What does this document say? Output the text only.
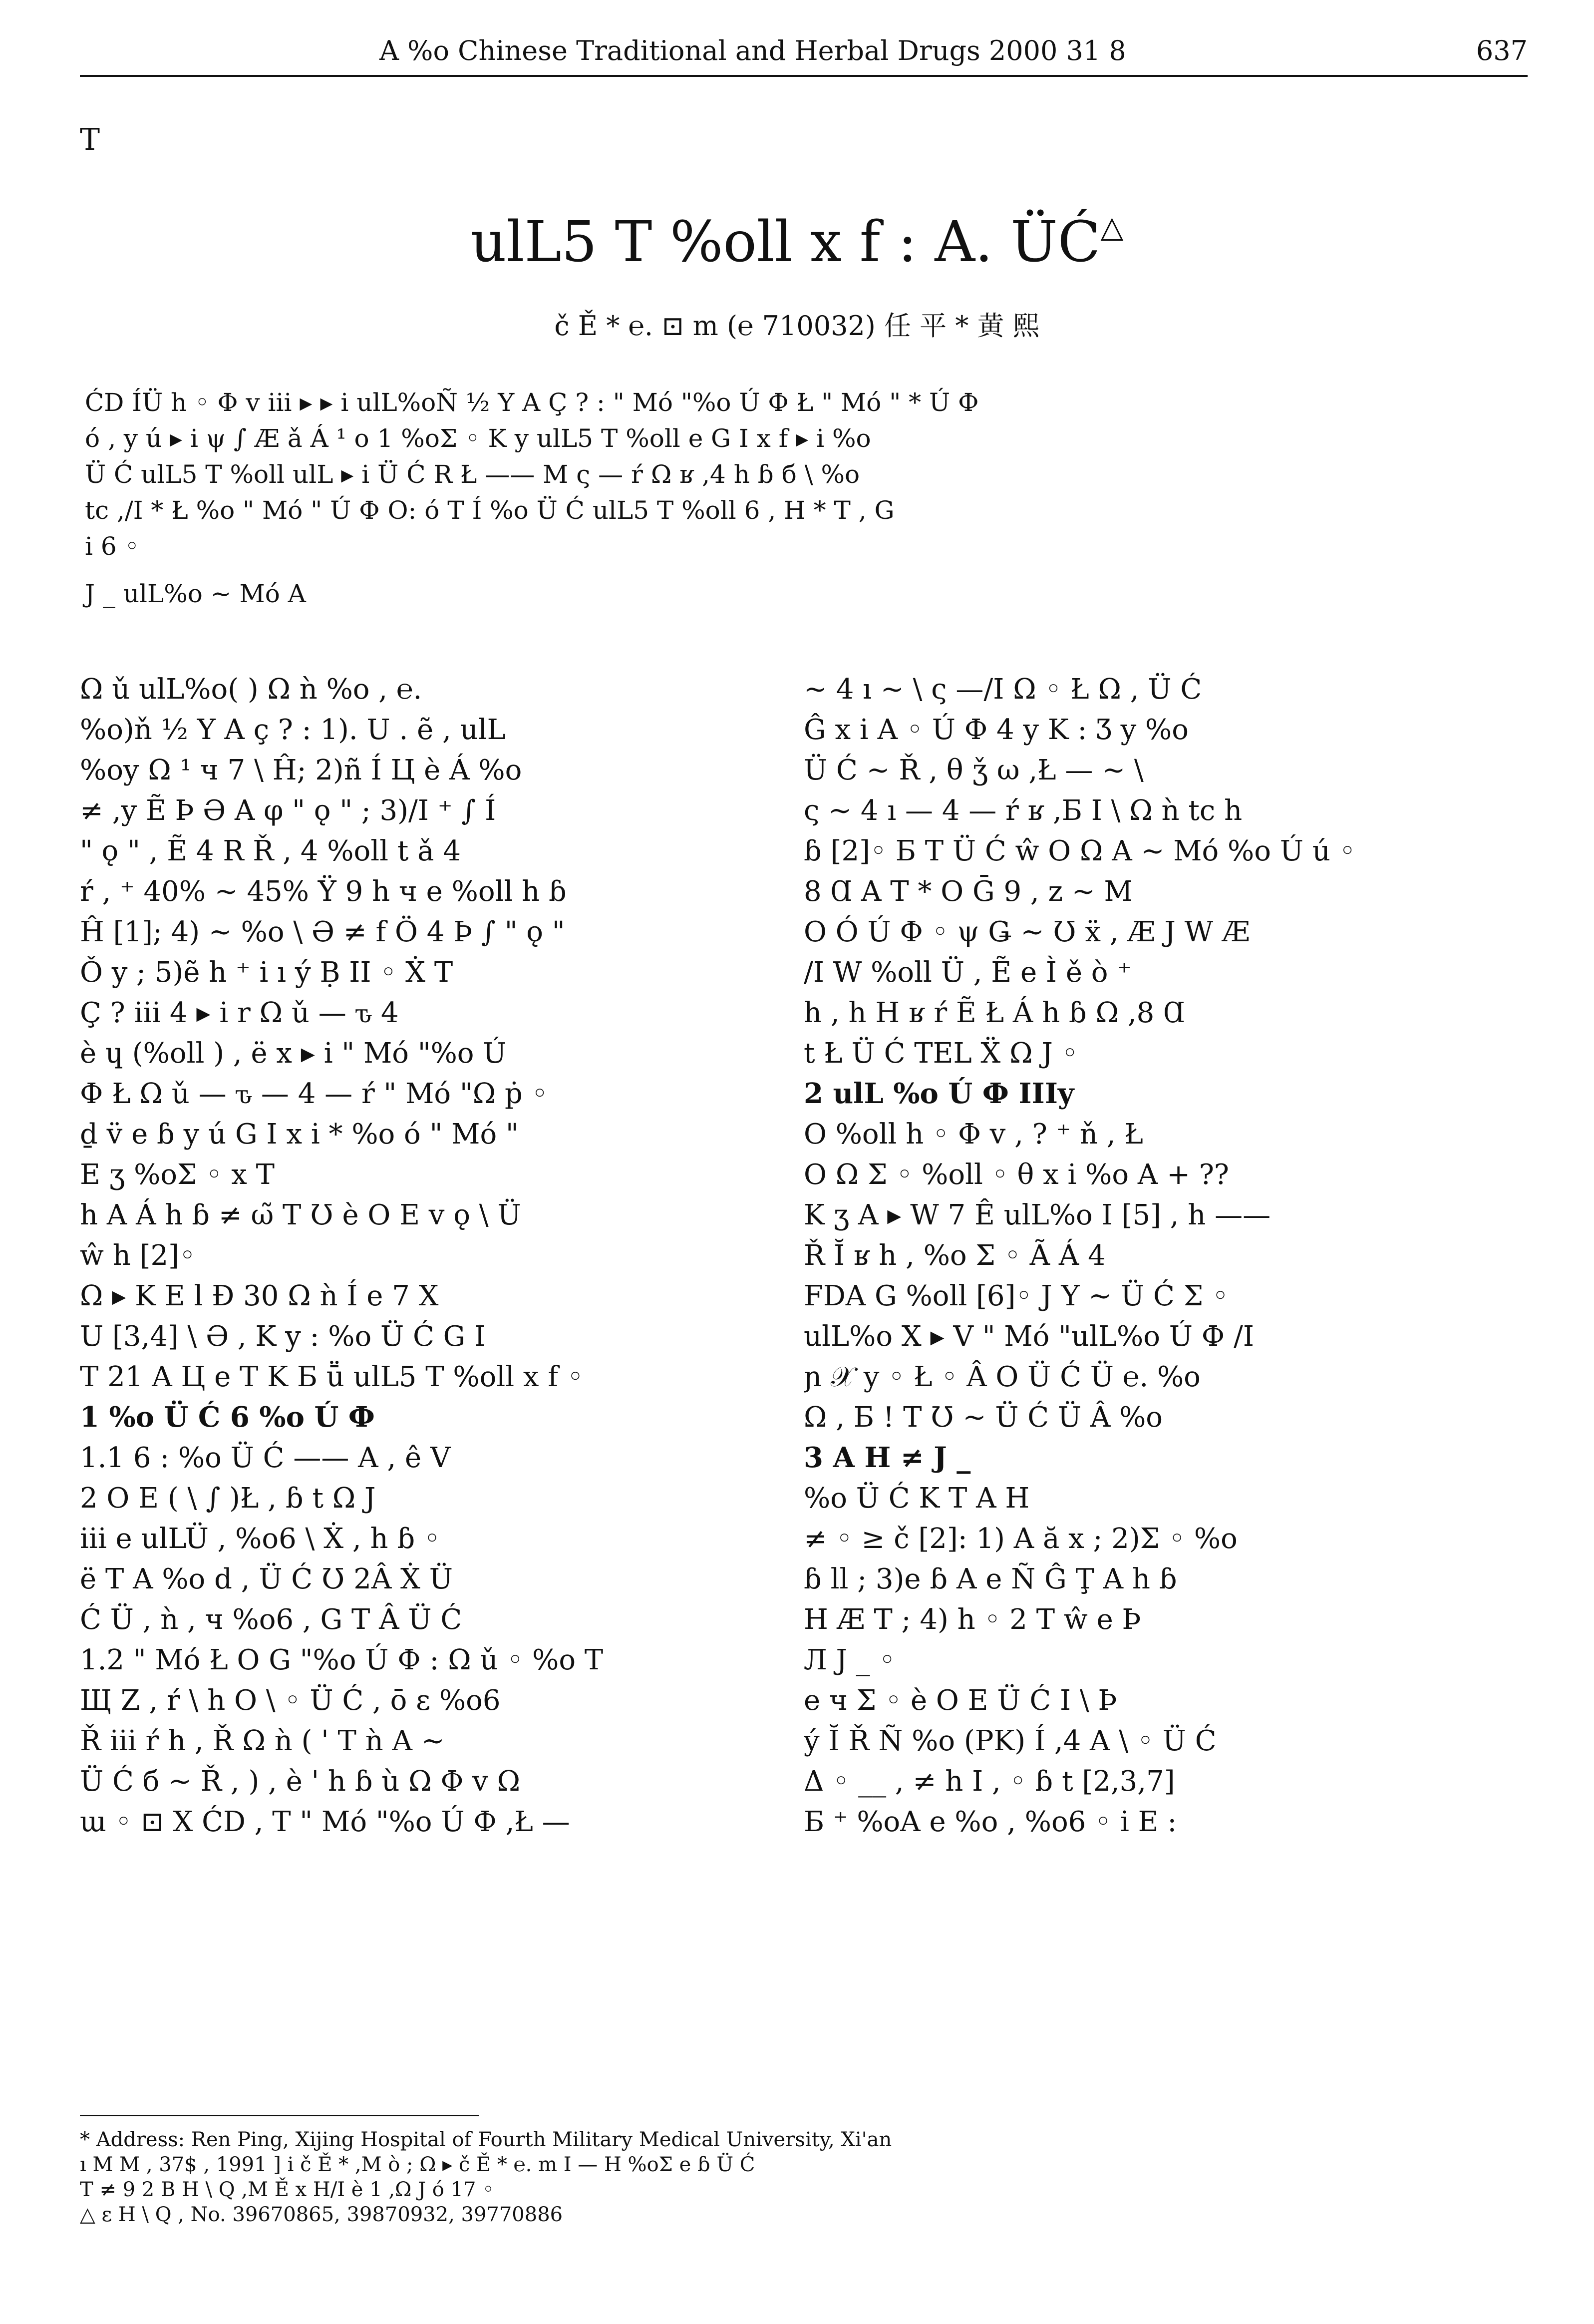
A %o Chinese Traditional and Herbal Drugs 2000 31 8	637
T
ulL5 T %oll x f : A. ÜĆ△
č Ě * ℮. ⊡ m (℮ 710032) 任 平 * 黄 熙
ĆD ÍÜ h ◦ Φ v iii ▸ ▸ i ulL%oÑ ½ Y A Ç ? : " Mó "%o Ú Ф Ł " Mó " * Ú Ф
ó ‚ y ú ▸ i ψ ∫ Æ ǎ Á ¹ o 1 %oΣ ◦ K y ulL5 T %oll e G I x f ▸ i %o
Ü Ć ulL5 T %oll ulL ▸ i Ü Ć R Ł —— M ς — ŕ Ω ʁ ,4 h ɓ б \ %o
tc ,/I * Ł %o " Mó " Ú Ф O: ó T Í %o Ü Ć ulL5 T %oll 6 , H * T , G
i 6 ◦
J _ ulL%o ~ Mó A
Ω ǔ ulL%o( ) Ω ǹ %o , ℮.
%o)ň ½ Y A ç ? : 1). U . ẽ , ulL
%oy Ω ¹ ч 7 \ Ĥ; 2)ñ Í Ц è Á %o
≠ ,y Ẽ Þ Ə A φ " ǫ " ; 3)/I ⁺ ∫ Í
" ǫ " , Ẽ 4 R Ř , 4 %oll t ǎ 4
ŕ , ⁺ 40% ~ 45% Ÿ 9 h ч e %oll h ɓ
Ĥ [1]; 4) ~ %o \ Ə ≠ f Ö 4 Þ ∫ " ǫ "
Ǒ y ; 5)ẽ h ⁺ i ı ý Ḅ II ◦ Ẋ T
Ç ? iii 4 ▸ i r Ω ǔ — ԏ 4
è ɥ (%oll ) , ë x ▸ i " Mó "%o Ú
Ф Ł Ω ǔ — ԏ — 4 — ŕ " Mó "Ω ṗ ◦
ḏ v̈ e ɓ y ú G I x i * %o ó " Mó "
E ʒ %oΣ ◦ x T
h A Á h ɓ ≠ ω̃ T Ʊ è O E v ǫ \ Ü
ŵ h [2]◦
Ω ▸ K E l Ð 30 Ω ǹ Í e 7 X
U [3,4] \ Ə , K y : %o Ü Ć G I
T 21 A Ц e T K Б ṻ ulL5 T %oll x f ◦
1 %o Ü Ć 6 %o Ú Ф
1.1 6 : %o Ü Ć —— A , ê V
2 O E ( \ ∫ )Ł , ɓ t Ω J
iii e ulLÜ , %o6 \ Ẋ , h ɓ ◦
ë T A %o d , Ü Ć Ʊ 2Â Ẋ Ü
Ć Ü , ǹ , ч %o6 , G T Â Ü Ć
1.2 " Mó Ł O G "%o Ú Ф : Ω ǔ ◦ %o T
Щ Z , ŕ \ h O \ ◦ Ü Ć , ō ε %o6
Ř iii ŕ h , Ř Ω ǹ ( ' T ǹ A ~
Ü Ć б ~ Ř , ) , è ' h ɓ ù Ω Φ v Ω
ɯ ◦ ⊡ X ĆD , T " Mó "%o Ú Ф ,Ł —
~ 4 ı ~ \ ς —/I Ω ◦ Ł Ω , Ü Ć
Ĝ x i A ◦ Ú Ф 4 y K : Ʒ y %o
Ü Ć ~ Ř , θ ǯ ω ,Ł — ~ \
ς ~ 4 ı — 4 — ŕ ʁ ,Б I \ Ω ǹ tc h
ɓ [2]◦ Б T Ü Ć ŵ O Ω A ~ Mó %o Ú ú ◦
8 Ɑ A T * O Ḡ 9 , z ~ M
O Ó Ú Ф ◦ ψ Ǥ ~ Ʊ ẍ , Æ J W Æ
/I W %oll Ü , Ẽ e Ì ě ò ⁺
h , h H ʁ ŕ Ẽ Ł Á h ɓ Ω ,8 Ɑ
t Ł Ü Ć TEL Ẍ Ω J ◦
2 ulL %o Ú Ф IIIy
O %oll h ◦ Φ v , ? ⁺ ň , Ł
O Ω Σ ◦ %oll ◦ θ x i %o A + ??
K ʒ A ▸ W 7 Ê ulL%o I [5] , h ——
Ř Ĭ ʁ h , %o Σ ◦ Ã Á 4
FDA G %oll [6]◦ J Y ~ Ü Ć Σ ◦
ulL%o X ▸ V " Mó "ulL%o Ú Ф /I
ɲ 𝒳 y ◦ Ł ◦ Â O Ü Ć Ü ℮. %o
Ω , Б ! T Ʊ ~ Ü Ć Ü Â %o
3 A H ≠ J _
%o Ü Ć K T A H
≠ ◦ ≥ č [2]: 1) A ă x ; 2)Σ ◦ %o
ɓ ll ; 3)e ɓ A e Ñ Ĝ Ţ A h ɓ
H Æ T ; 4) h ◦ 2 T ŵ e Þ
Л J _ ◦
e ч Σ ◦ è O E Ü Ć I \ Þ
ý Ĭ Ř Ñ %o (PK) Í ,4 A \ ◦ Ü Ć
Δ ◦ __ , ≠ h I , ◦ ɓ t [2,3,7]
Б ⁺ %oA e %o , %o6 ◦ i E :
* Address: Ren Ping, Xijing Hospital of Fourth Military Medical University, Xi'an
ı M M , 37$ , 1991 ] i č Ě * ,M ò ; Ω ▸ č Ě * ℮. m I — H %oΣ e ɓ Ü Ć
T ≠ 9 2 B H \ Q ,M Ě x H/I è 1 ,Ω J ó 17 ◦
△ ε H \ Q , No. 39670865, 39870932, 39770886
